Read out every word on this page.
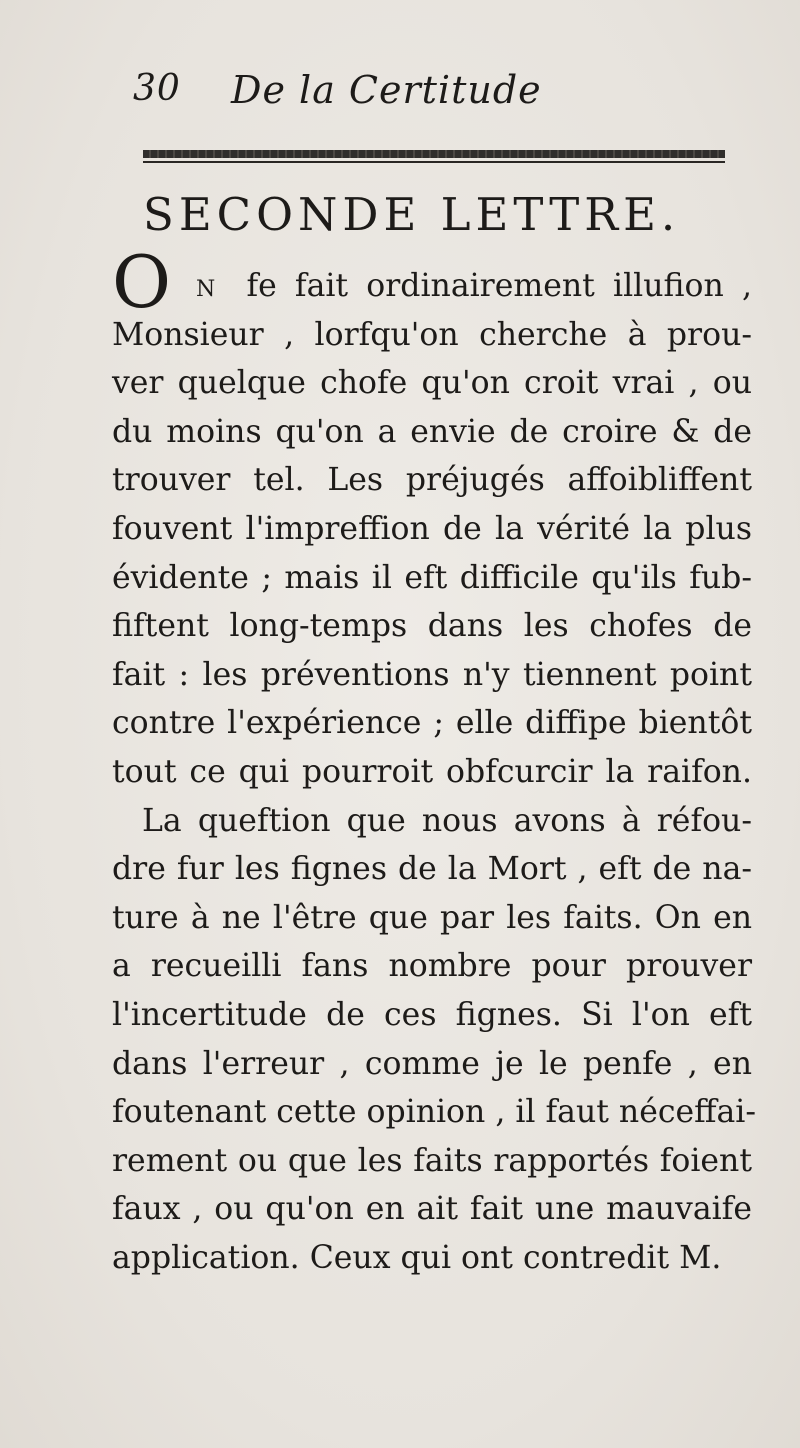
30 De la Certitude
SECONDE LETTRE.
O N fe fait ordinairement illufion ,
Monsieur , lorfqu'on cherche à prou-
ver quelque chofe qu'on croit vrai , ou
du moins qu'on a envie de croire & de
trouver tel. Les préjugés affoibliffent
fouvent l'impreffion de la vérité la plus
évidente ; mais il eft difficile qu'ils fub-
fiftent long-temps dans les chofes de
fait : les préventions n'y tiennent point
contre l'expérience ; elle diffipe bientôt
tout ce qui pourroit obfcurcir la raifon.
La queftion que nous avons à réfou-
dre fur les fignes de la Mort , eft de na-
ture à ne l'être que par les faits. On en
a recueilli fans nombre pour prouver
l'incertitude de ces fignes. Si l'on eft
dans l'erreur , comme je le penfe , en
foutenant cette opinion , il faut néceffai-
rement ou que les faits rapportés foient
faux , ou qu'on en ait fait une mauvaife
application. Ceux qui ont contredit M.
